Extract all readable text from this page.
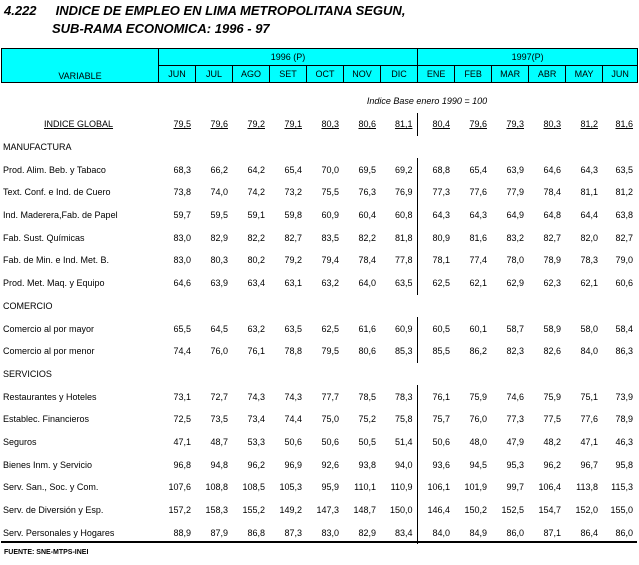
4.222 INDICE DE EMPLEO EN LIMA METROPOLITANA SEGUN,
SUB-RAMA ECONOMICA: 1996 - 97
VARIABLE	1996 (P)							1997(P)					
	JUN	JUL	AGO	SET	OCT	NOV	DIC	ENE	FEB	MAR	ABR	MAY	JUN
Indice Base enero 1990 = 100
INDICE GLOBAL	79,5	79,6	79,2	79,1	80,3	80,6	81,1	80,4	79,6	79,3	80,3	81,2	81,6
MANUFACTURA													
Prod. Alim. Beb. y Tabaco	68,3	66,2	64,2	65,4	70,0	69,5	69,2	68,8	65,4	63,9	64,6	64,3	63,5
Text. Conf. e Ind. de Cuero	73,8	74,0	74,2	73,2	75,5	76,3	76,9	77,3	77,6	77,9	78,4	81,1	81,2
Ind. Maderera,Fab. de Papel	59,7	59,5	59,1	59,8	60,9	60,4	60,8	64,3	64,3	64,9	64,8	64,4	63,8
Fab. Sust. Químicas	83,0	82,9	82,2	82,7	83,5	82,2	81,8	80,9	81,6	83,2	82,7	82,0	82,7
Fab. de Min. e Ind. Met. B.	83,0	80,3	80,2	79,2	79,4	78,4	77,8	78,1	77,4	78,0	78,9	78,3	79,0
Prod. Met. Maq. y Equipo	64,6	63,9	63,4	63,1	63,2	64,0	63,5	62,5	62,1	62,9	62,3	62,1	60,6
COMERCIO													
Comercio al por mayor	65,5	64,5	63,2	63,5	62,5	61,6	60,9	60,5	60,1	58,7	58,9	58,0	58,4
Comercio al por menor	74,4	76,0	76,1	78,8	79,5	80,6	85,3	85,5	86,2	82,3	82,6	84,0	86,3
SERVICIOS													
Restaurantes y Hoteles	73,1	72,7	74,3	74,3	77,7	78,5	78,3	76,1	75,9	74,6	75,9	75,1	73,9
Establec. Financieros	72,5	73,5	73,4	74,4	75,0	75,2	75,8	75,7	76,0	77,3	77,5	77,6	78,9
Seguros	47,1	48,7	53,3	50,6	50,6	50,5	51,4	50,6	48,0	47,9	48,2	47,1	46,3
Bienes Inm. y Servicio	96,8	94,8	96,2	96,9	92,6	93,8	94,0	93,6	94,5	95,3	96,2	96,7	95,8
Serv. San., Soc. y Com.	107,6	108,8	108,5	105,3	95,9	110,1	110,9	106,1	101,9	99,7	106,4	113,8	115,3
Serv. de Diversión y Esp.	157,2	158,3	155,2	149,2	147,3	148,7	150,0	146,4	150,2	152,5	154,7	152,0	155,0
Serv. Personales y Hogares	88,9	87,9	86,8	87,3	83,0	82,9	83,4	84,0	84,9	86,0	87,1	86,4	86,0
FUENTE: SNE-MTPS-INEI
